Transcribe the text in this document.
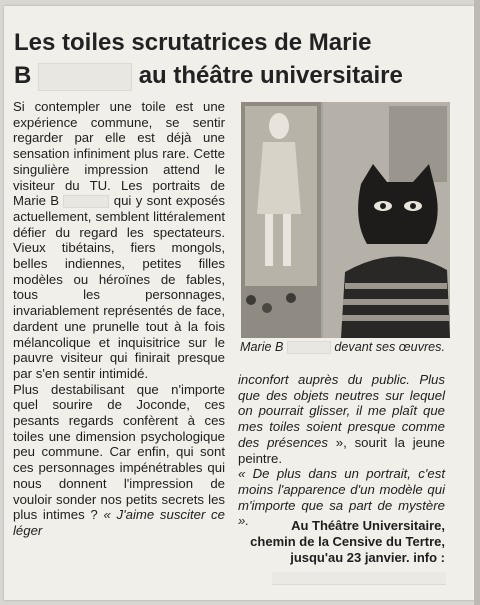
Les toiles scrutatrices de Marie
B	au théâtre universitaire

Si contempler une toile est une expérience commune, se sentir regarder par elle est déjà une sensation infiniment plus rare. Cette singulière impression attend le visiteur du TU. Les portraits de Marie B	qui y sont exposés actuellement, semblent littéralement défier du regard les spectateurs. Vieux tibétains, fiers mongols, belles indiennes, petites filles modèles ou héroïnes de fables, tous les personnages, invariablement représentés de face, dardent une prunelle tout à la fois mélancolique et inquisitrice sur le pauvre visiteur qui finirait presque par s'en sentir intimidé.

Plus destabilisant que n'importe quel sourire de Joconde, ces pesants regards confèrent à ces toiles une dimension psychologique peu commune. Car enfin, qui sont ces personnages impénétrables qui nous donnent l'impression de vouloir sonder nos petits secrets les plus intimes ? « J'aime susciter ce léger

Marie B	devant ses œuvres.

inconfort auprès du public. Plus que des objets neutres sur lequel on pourrait glisser, il me plaît que mes toiles soient presque comme des présences », sourit la jeune peintre.

« De plus dans un portrait, c'est moins l'apparence d'un modèle qui m'importe que sa part de mystère ».	Au Théâtre Universitaire,
chemin de la Censive du Tertre,
jusqu'au 23 janvier. info :
